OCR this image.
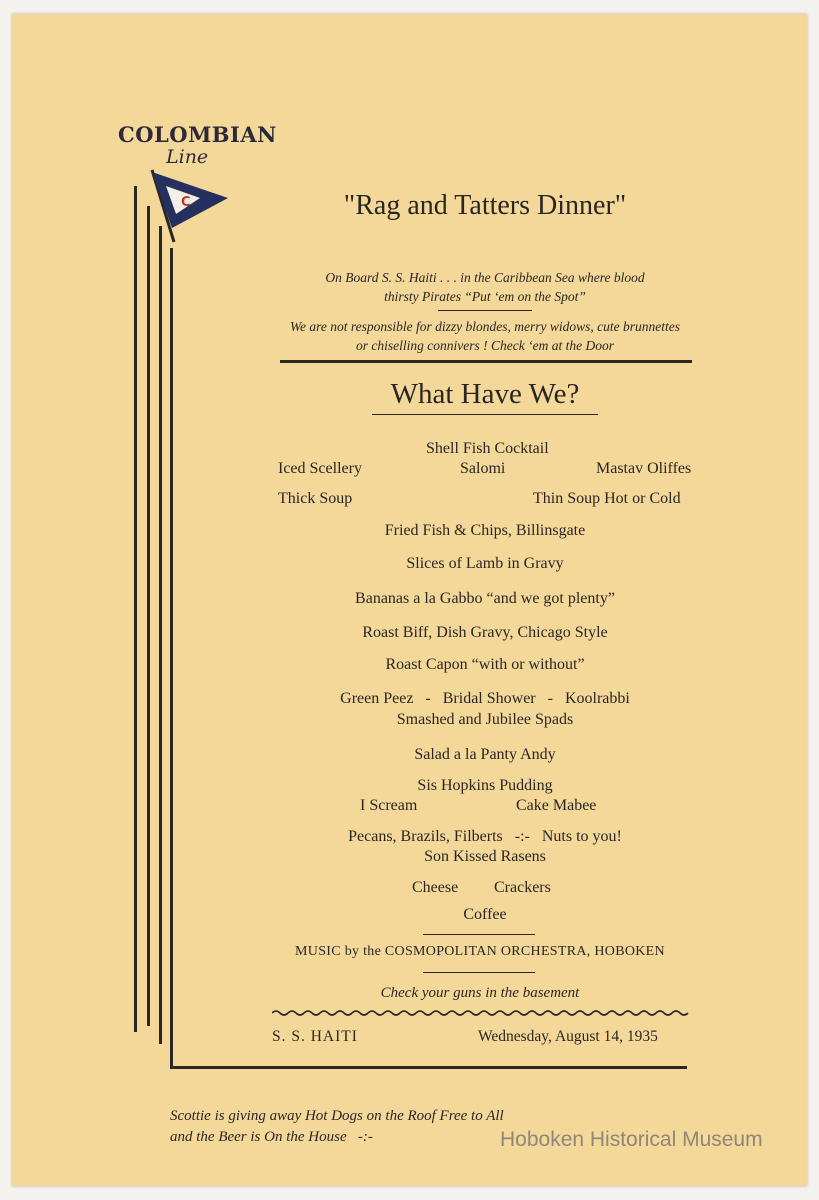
COLOMBIAN
Line
C	"Rag and Tatters Dinner"
On Board S. S. Haiti . . . in the Caribbean Sea where blood
thirsty Pirates “Put ‘em on the Spot”
We are not responsible for dizzy blondes, merry widows, cute brunnettes
or chiselling connivers ! Check ‘em at the Door
What Have We?
Shell Fish Cocktail
Iced Scellery	Salomi	Mastav Oliffes
Thick Soup	Thin Soup Hot or Cold
Fried Fish & Chips, Billinsgate
Slices of Lamb in Gravy
Bananas a la Gabbo “and we got plenty”
Roast Biff, Dish Gravy, Chicago Style
Roast Capon “with or without”
Green Peez   -   Bridal Shower   -   Koolrabbi
Smashed and Jubilee Spads
Salad a la Panty Andy
Sis Hopkins Pudding
I Scream	Cake Mabee
Pecans, Brazils, Filberts   -:-   Nuts to you!
Son Kissed Rasens
Cheese Crackers
Coffee
MUSIC by the COSMOPOLITAN ORCHESTRA, HOBOKEN
Check your guns in the basement
S. S. HAITI	Wednesday, August 14, 1935
Scottie is giving away Hot Dogs on the Roof Free to All
and the Beer is On the House   -:-	Hoboken Historical Museum
